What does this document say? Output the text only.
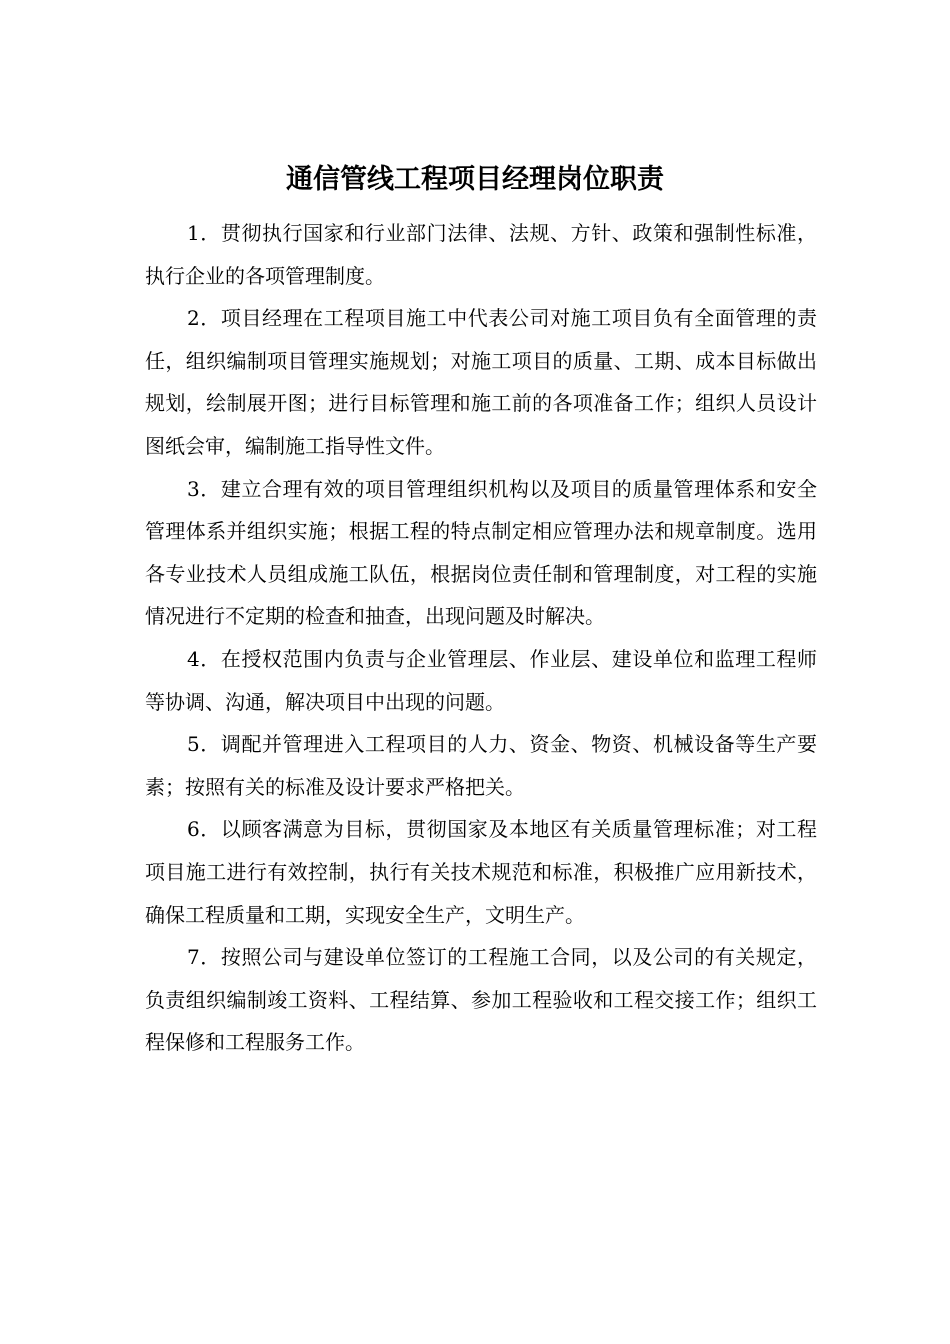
通信管线工程项目经理岗位职责

1．贯彻执行国家和行业部门法律、法规、方针、政策和强制性标准，执行企业的各项管理制度。

2．项目经理在工程项目施工中代表公司对施工项目负有全面管理的责任，组织编制项目管理实施规划；对施工项目的质量、工期、成本目标做出规划，绘制展开图；进行目标管理和施工前的各项准备工作；组织人员设计图纸会审，编制施工指导性文件。

3．建立合理有效的项目管理组织机构以及项目的质量管理体系和安全管理体系并组织实施；根据工程的特点制定相应管理办法和规章制度。选用各专业技术人员组成施工队伍，根据岗位责任制和管理制度，对工程的实施情况进行不定期的检查和抽查，出现问题及时解决。

4．在授权范围内负责与企业管理层、作业层、建设单位和监理工程师等协调、沟通，解决项目中出现的问题。

5．调配并管理进入工程项目的人力、资金、物资、机械设备等生产要素；按照有关的标准及设计要求严格把关。

6．以顾客满意为目标，贯彻国家及本地区有关质量管理标准；对工程项目施工进行有效控制，执行有关技术规范和标准，积极推广应用新技术，确保工程质量和工期，实现安全生产，文明生产。

7．按照公司与建设单位签订的工程施工合同，以及公司的有关规定，负责组织编制竣工资料、工程结算、参加工程验收和工程交接工作；组织工程保修和工程服务工作。
